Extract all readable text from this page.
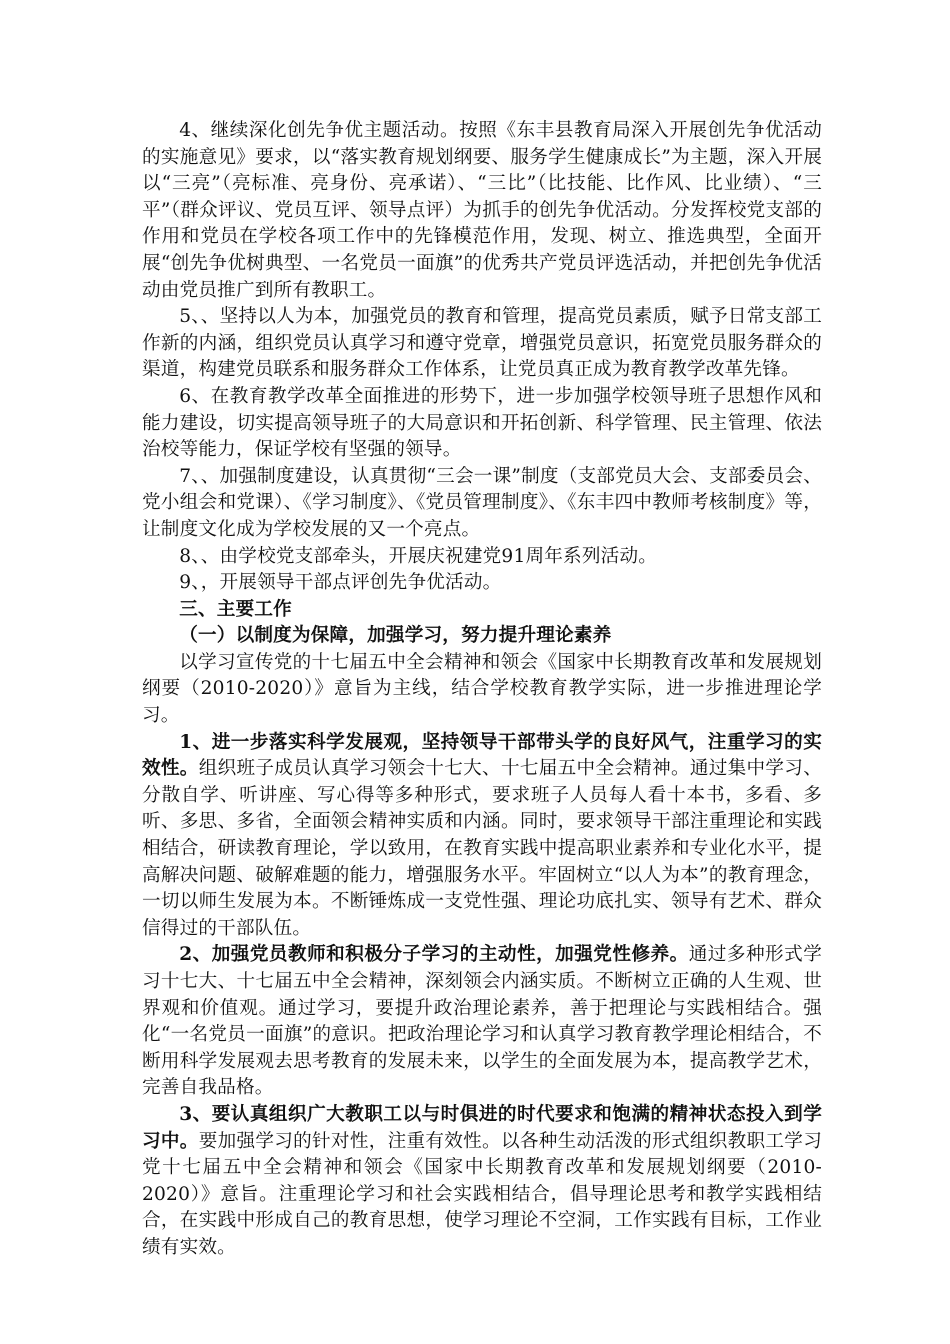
4、继续深化创先争优主题活动。按照《东丰县教育局深入开展创先争优活动的实施意见》要求，以“落实教育规划纲要、服务学生健康成长”为主题，深入开展以“三亮”（亮标准、亮身份、亮承诺）、“三比”（比技能、比作风、比业绩）、“三平”（群众评议、党员互评、领导点评）为抓手的创先争优活动。分发挥校党支部的作用和党员在学校各项工作中的先锋模范作用，发现、树立、推选典型，全面开展“创先争优树典型、一名党员一面旗”的优秀共产党员评选活动，并把创先争优活动由党员推广到所有教职工。

5、、坚持以人为本，加强党员的教育和管理，提高党员素质，赋予日常支部工作新的内涵，组织党员认真学习和遵守党章，增强党员意识，拓宽党员服务群众的渠道，构建党员联系和服务群众工作体系，让党员真正成为教育教学改革先锋。

6、在教育教学改革全面推进的形势下，进一步加强学校领导班子思想作风和能力建设，切实提高领导班子的大局意识和开拓创新、科学管理、民主管理、依法治校等能力，保证学校有坚强的领导。

7、、加强制度建设，认真贯彻“三会一课”制度（支部党员大会、支部委员会、党小组会和党课）、《学习制度》、《党员管理制度》、《东丰四中教师考核制度》等，让制度文化成为学校发展的又一个亮点。

8、、由学校党支部牵头，开展庆祝建党91周年系列活动。

9、，开展领导干部点评创先争优活动。

三、主要工作

（一）以制度为保障，加强学习，努力提升理论素养

以学习宣传党的十七届五中全会精神和领会《国家中长期教育改革和发展规划纲要（2010-2020）》意旨为主线，结合学校教育教学实际，进一步推进理论学习。

1、进一步落实科学发展观，坚持领导干部带头学的良好风气，注重学习的实效性。组织班子成员认真学习领会十七大、十七届五中全会精神。通过集中学习、分散自学、听讲座、写心得等多种形式，要求班子人员每人看十本书，多看、多听、多思、多省，全面领会精神实质和内涵。同时，要求领导干部注重理论和实践相结合，研读教育理论，学以致用，在教育实践中提高职业素养和专业化水平，提高解决问题、破解难题的能力，增强服务水平。牢固树立“以人为本”的教育理念，一切以师生发展为本。不断锤炼成一支党性强、理论功底扎实、领导有艺术、群众信得过的干部队伍。

2、加强党员教师和积极分子学习的主动性，加强党性修养。通过多种形式学习十七大、十七届五中全会精神，深刻领会内涵实质。不断树立正确的人生观、世界观和价值观。通过学习，要提升政治理论素养，善于把理论与实践相结合。强化“一名党员一面旗”的意识。把政治理论学习和认真学习教育教学理论相结合，不断用科学发展观去思考教育的发展未来，以学生的全面发展为本，提高教学艺术，完善自我品格。

3、要认真组织广大教职工以与时俱进的时代要求和饱满的精神状态投入到学习中。要加强学习的针对性，注重有效性。以各种生动活泼的形式组织教职工学习党十七届五中全会精神和领会《国家中长期教育改革和发展规划纲要（2010-2020）》意旨。注重理论学习和社会实践相结合，倡导理论思考和教学实践相结合，在实践中形成自己的教育思想，使学习理论不空洞，工作实践有目标，工作业绩有实效。
